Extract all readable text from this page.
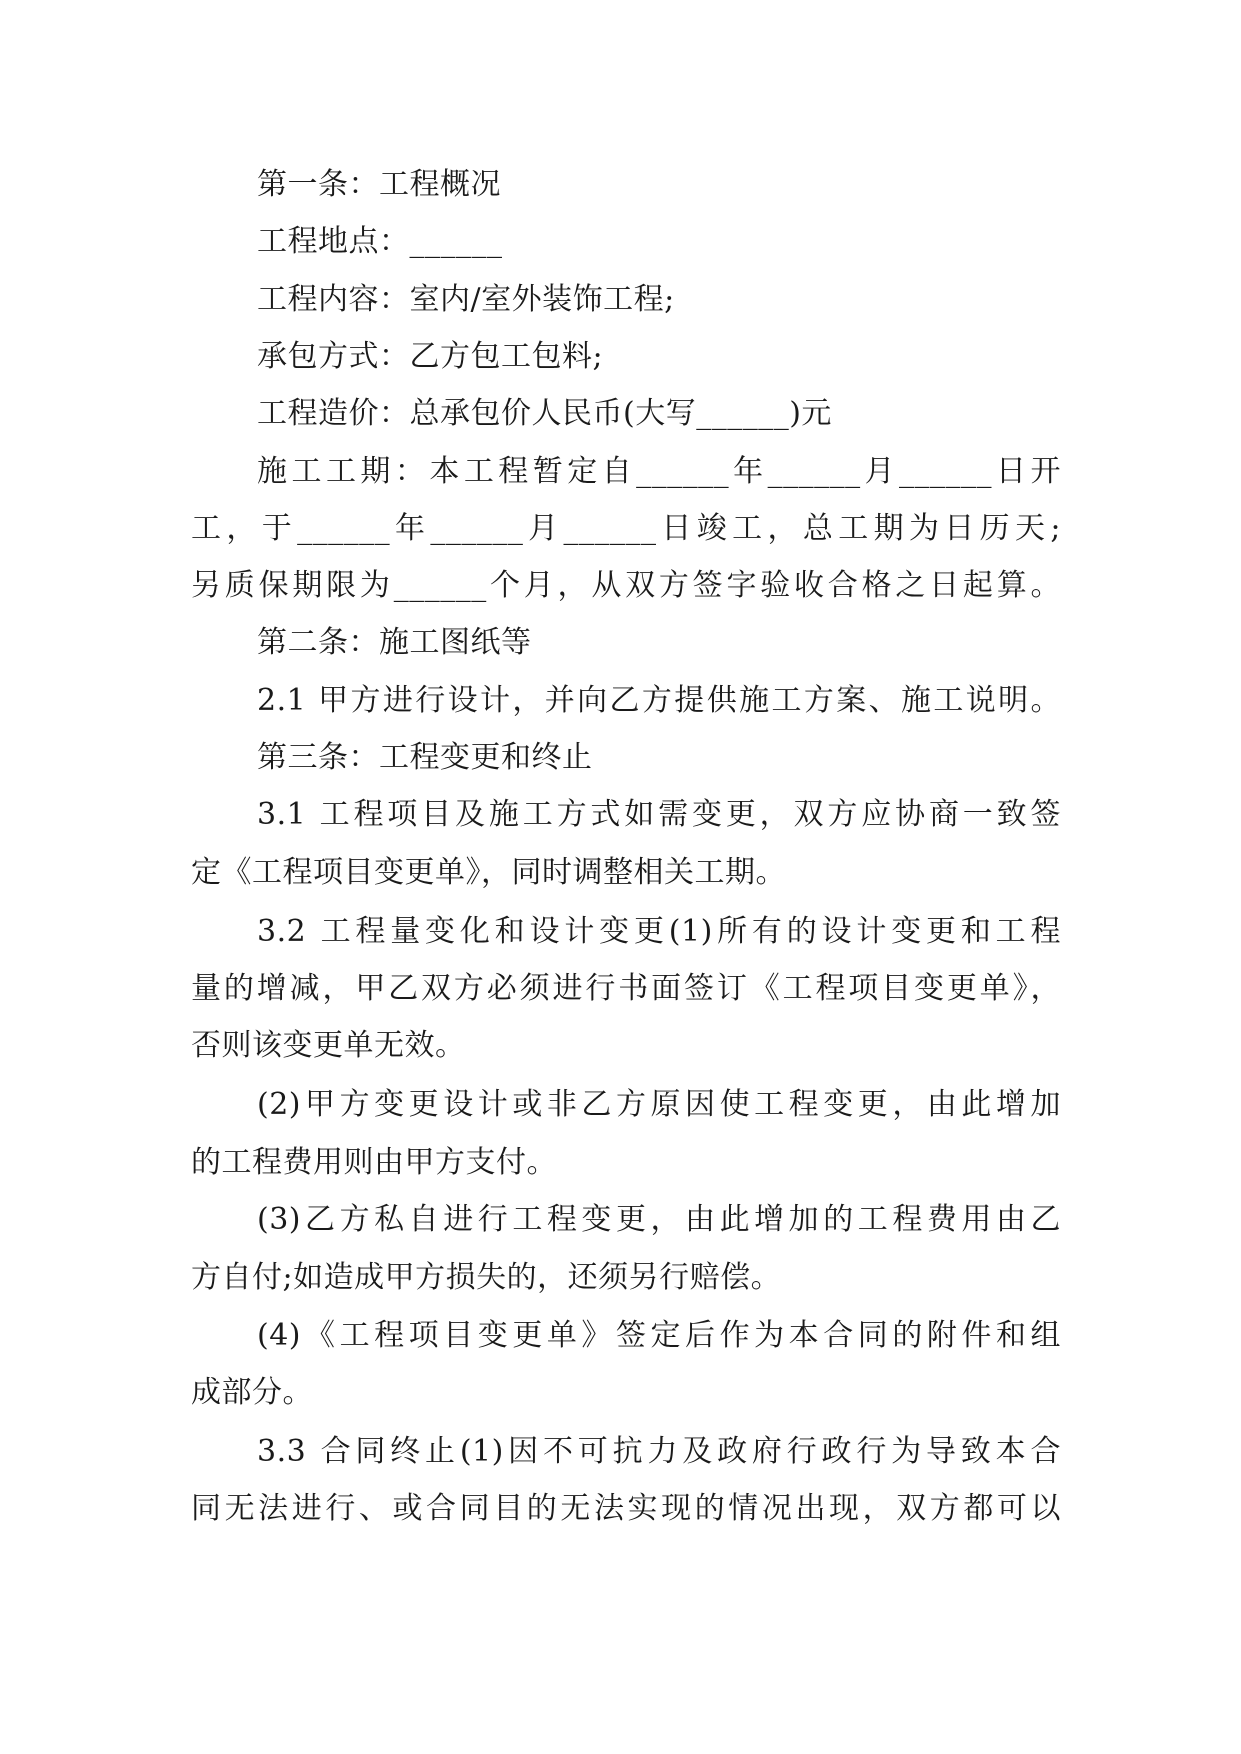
第一条：工程概况
工程地点：______
工程内容：室内/室外装饰工程;
承包方式：乙方包工包料;
工程造价：总承包价人民币(大写______)元
施工工期：本工程暂定自______年______月______日开
工，于______年______月______日竣工，总工期为日历天;
另质保期限为______个月，从双方签字验收合格之日起算。
第二条：施工图纸等
2.1 甲方进行设计，并向乙方提供施工方案、施工说明。
第三条：工程变更和终止
3.1 工程项目及施工方式如需变更，双方应协商一致签
定《工程项目变更单》，同时调整相关工期。
3.2 工程量变化和设计变更(1)所有的设计变更和工程
量的增减，甲乙双方必须进行书面签订《工程项目变更单》，
否则该变更单无效。
(2)甲方变更设计或非乙方原因使工程变更，由此增加
的工程费用则由甲方支付。
(3)乙方私自进行工程变更，由此增加的工程费用由乙
方自付;如造成甲方损失的，还须另行赔偿。
(4)《工程项目变更单》签定后作为本合同的附件和组
成部分。
3.3 合同终止(1)因不可抗力及政府行政行为导致本合
同无法进行、或合同目的无法实现的情况出现，双方都可以
